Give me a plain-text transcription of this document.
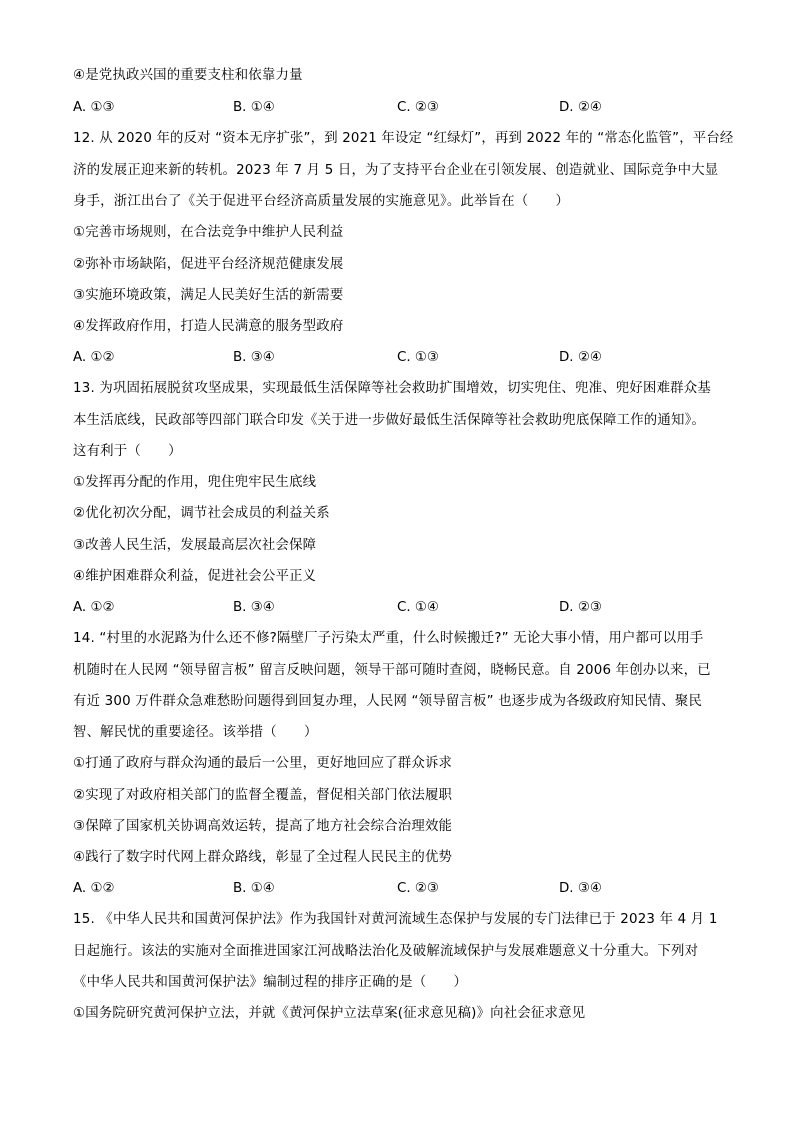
④是党执政兴国的重要支柱和依靠力量
A. ①③	B. ①④	C. ②③	D. ②④
12. 从 2020 年的反对 “资本无序扩张”，到 2021 年设定 “红绿灯”，再到 2022 年的 “常态化监管”，平台经
济的发展正迎来新的转机。2023 年 7 月 5 日，为了支持平台企业在引领发展、创造就业、国际竞争中大显
身手，浙江出台了《关于促进平台经济高质量发展的实施意见》。此举旨在（　　）
①完善市场规则，在合法竞争中维护人民利益
②弥补市场缺陷，促进平台经济规范健康发展
③实施环境政策，满足人民美好生活的新需要
④发挥政府作用，打造人民满意的服务型政府
A. ①②	B. ③④	C. ①③	D. ②④
13. 为巩固拓展脱贫攻坚成果，实现最低生活保障等社会救助扩围增效，切实兜住、兜准、兜好困难群众基
本生活底线，民政部等四部门联合印发《关于进一步做好最低生活保障等社会救助兜底保障工作的通知》。
这有利于（　　）
①发挥再分配的作用，兜住兜牢民生底线
②优化初次分配，调节社会成员的利益关系
③改善人民生活，发展最高层次社会保障
④维护困难群众利益，促进社会公平正义
A. ①②	B. ③④	C. ①④	D. ②③
14. “村里的水泥路为什么还不修?隔壁厂子污染太严重，什么时候搬迁?” 无论大事小情，用户都可以用手
机随时在人民网 “领导留言板” 留言反映问题，领导干部可随时查阅，晓畅民意。自 2006 年创办以来，已
有近 300 万件群众急难愁盼问题得到回复办理，人民网 “领导留言板” 也逐步成为各级政府知民情、聚民
智、解民忧的重要途径。该举措（　　）
①打通了政府与群众沟通的最后一公里，更好地回应了群众诉求
②实现了对政府相关部门的监督全覆盖，督促相关部门依法履职
③保障了国家机关协调高效运转，提高了地方社会综合治理效能
④践行了数字时代网上群众路线，彰显了全过程人民民主的优势
A. ①②	B. ①④	C. ②③	D. ③④
15. 《中华人民共和国黄河保护法》作为我国针对黄河流域生态保护与发展的专门法律已于 2023 年 4 月 1
日起施行。该法的实施对全面推进国家江河战略法治化及破解流域保护与发展难题意义十分重大。下列对
《中华人民共和国黄河保护法》编制过程的排序正确的是（　　）
①国务院研究黄河保护立法，并就《黄河保护立法草案(征求意见稿)》向社会征求意见
